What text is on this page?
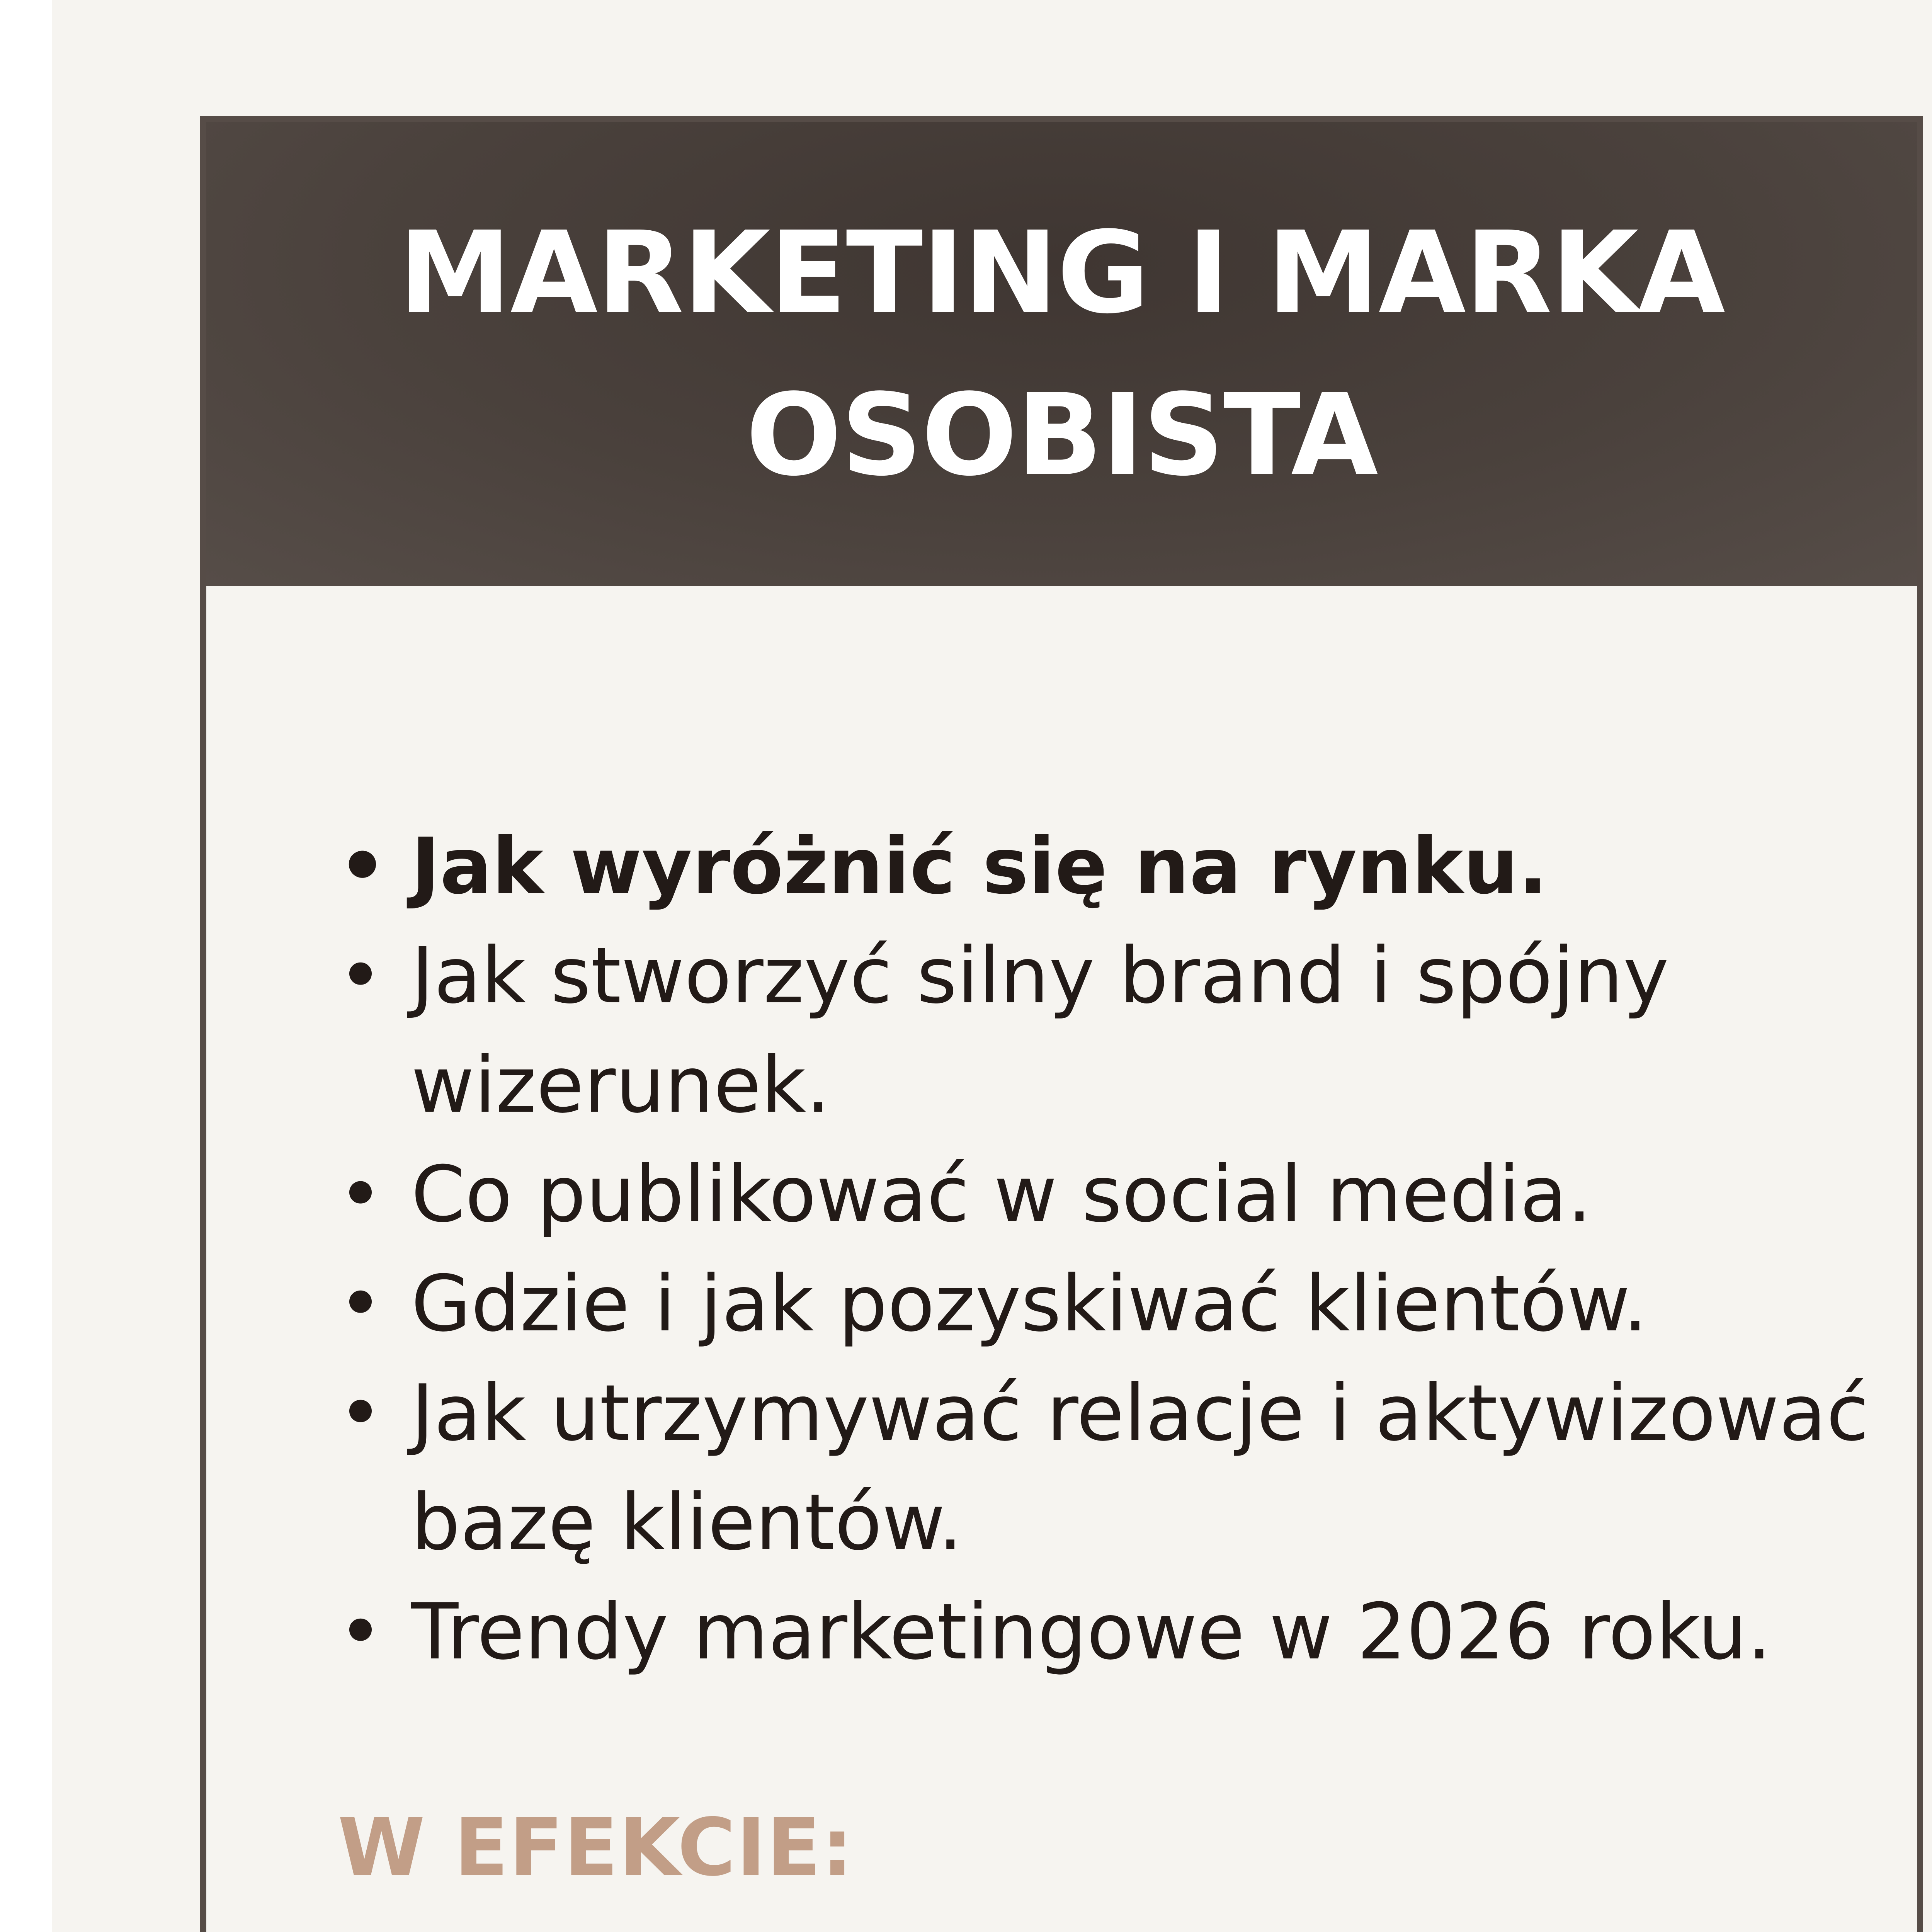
MARKETING I MARKA OSOBISTA
• Jak wyróżnić się na rynku.
• Jak stworzyć silny brand i spójny wizerunek.
• Co publikować w social media.
• Gdzie i jak pozyskiwać klientów.
• Jak utrzymywać relacje i aktywizować bazę klientów.
• Trendy marketingowe w 2026 roku.
W EFEKCIE:
